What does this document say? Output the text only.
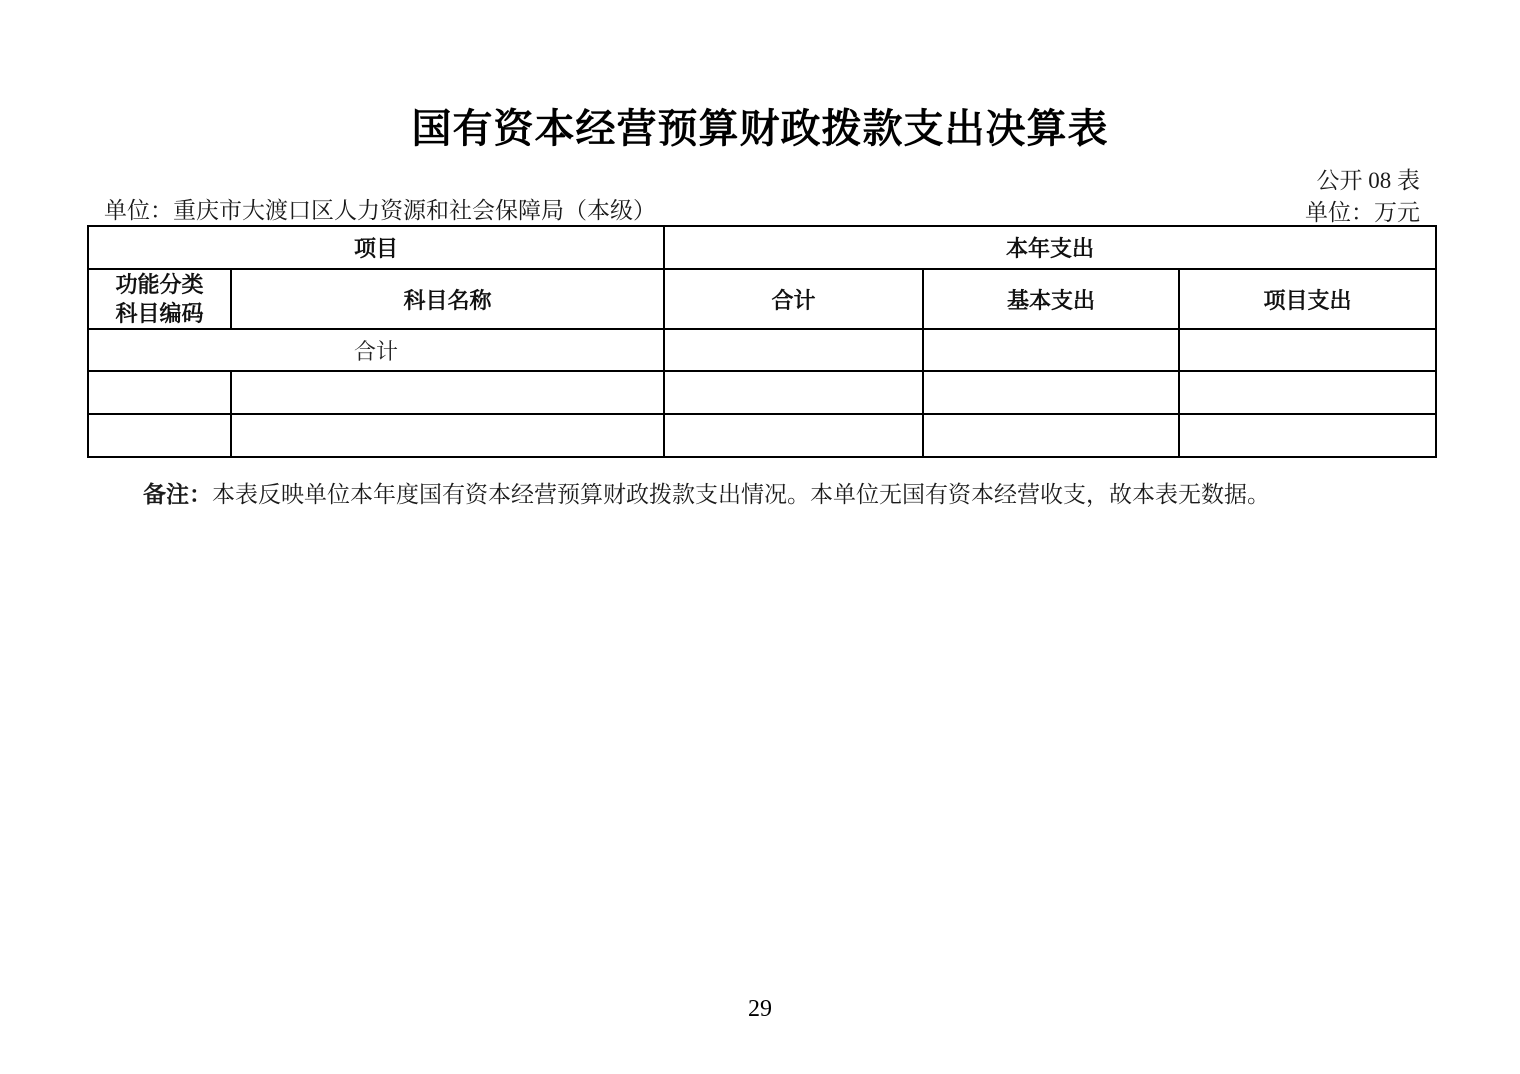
国有资本经营预算财政拨款支出决算表
公开 08 表
单位：重庆市大渡口区人力资源和社会保障局（本级）	单位：万元
项目		本年支出		

功能分类
科目编码	科目名称	合计	基本支出	项目支出
合计				

备注：本表反映单位本年度国有资本经营预算财政拨款支出情况。本单位无国有资本经营收支，故本表无数据。

29
